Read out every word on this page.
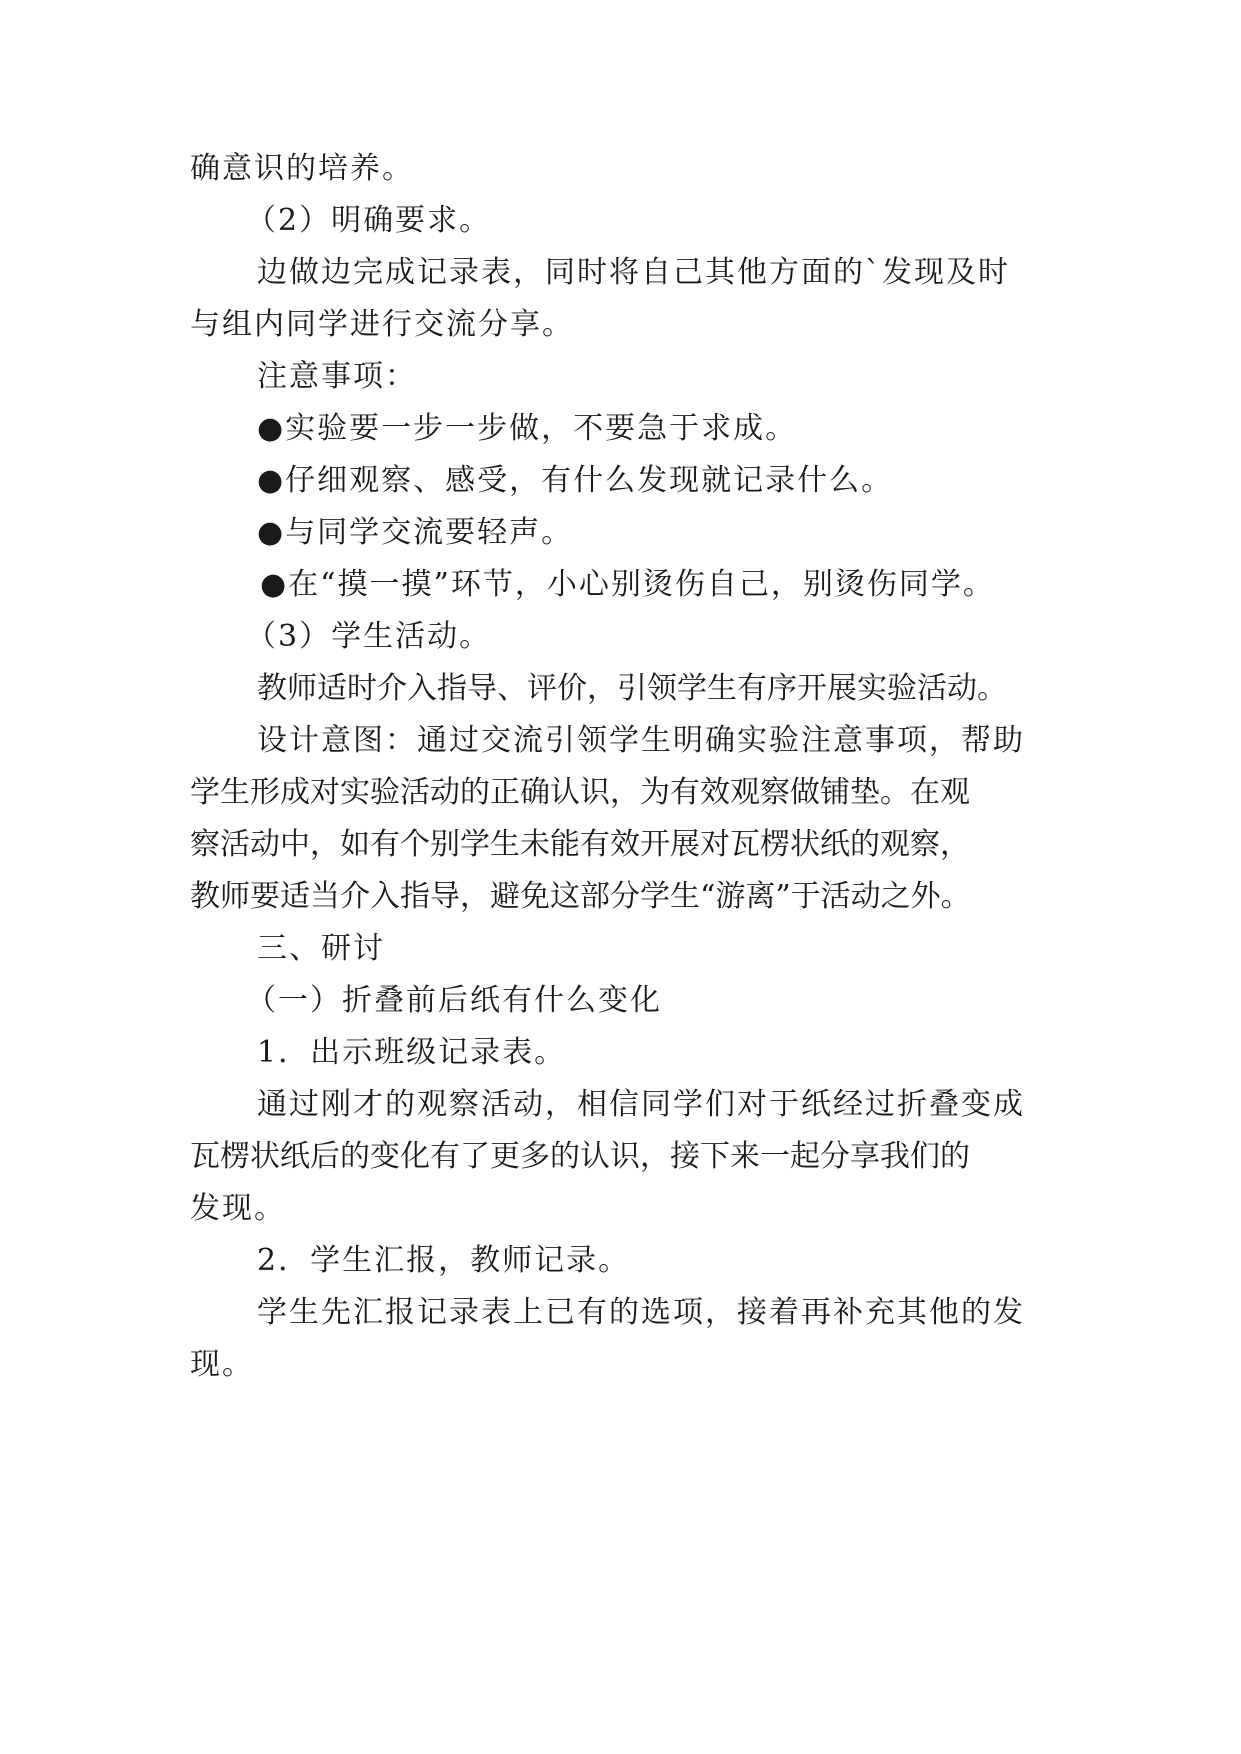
确意识的培养。
（2）明确要求。
边做边完成记录表，同时将自己其他方面的`发现及时
与组内同学进行交流分享。
注意事项：
●实验要一步一步做，不要急于求成。
●仔细观察、感受，有什么发现就记录什么。
●与同学交流要轻声。
●在“摸一摸”环节，小心别烫伤自己，别烫伤同学。
（3）学生活动。
教师适时介入指导、评价，引领学生有序开展实验活动。
设计意图：通过交流引领学生明确实验注意事项，帮助
学生形成对实验活动的正确认识，为有效观察做铺垫。在观
察活动中，如有个别学生未能有效开展对瓦楞状纸的观察，
教师要适当介入指导，避免这部分学生“游离”于活动之外。
三、研讨
（一）折叠前后纸有什么变化
1．出示班级记录表。
通过刚才的观察活动，相信同学们对于纸经过折叠变成
瓦楞状纸后的变化有了更多的认识，接下来一起分享我们的
发现。
2．学生汇报，教师记录。
学生先汇报记录表上已有的选项，接着再补充其他的发
现。
